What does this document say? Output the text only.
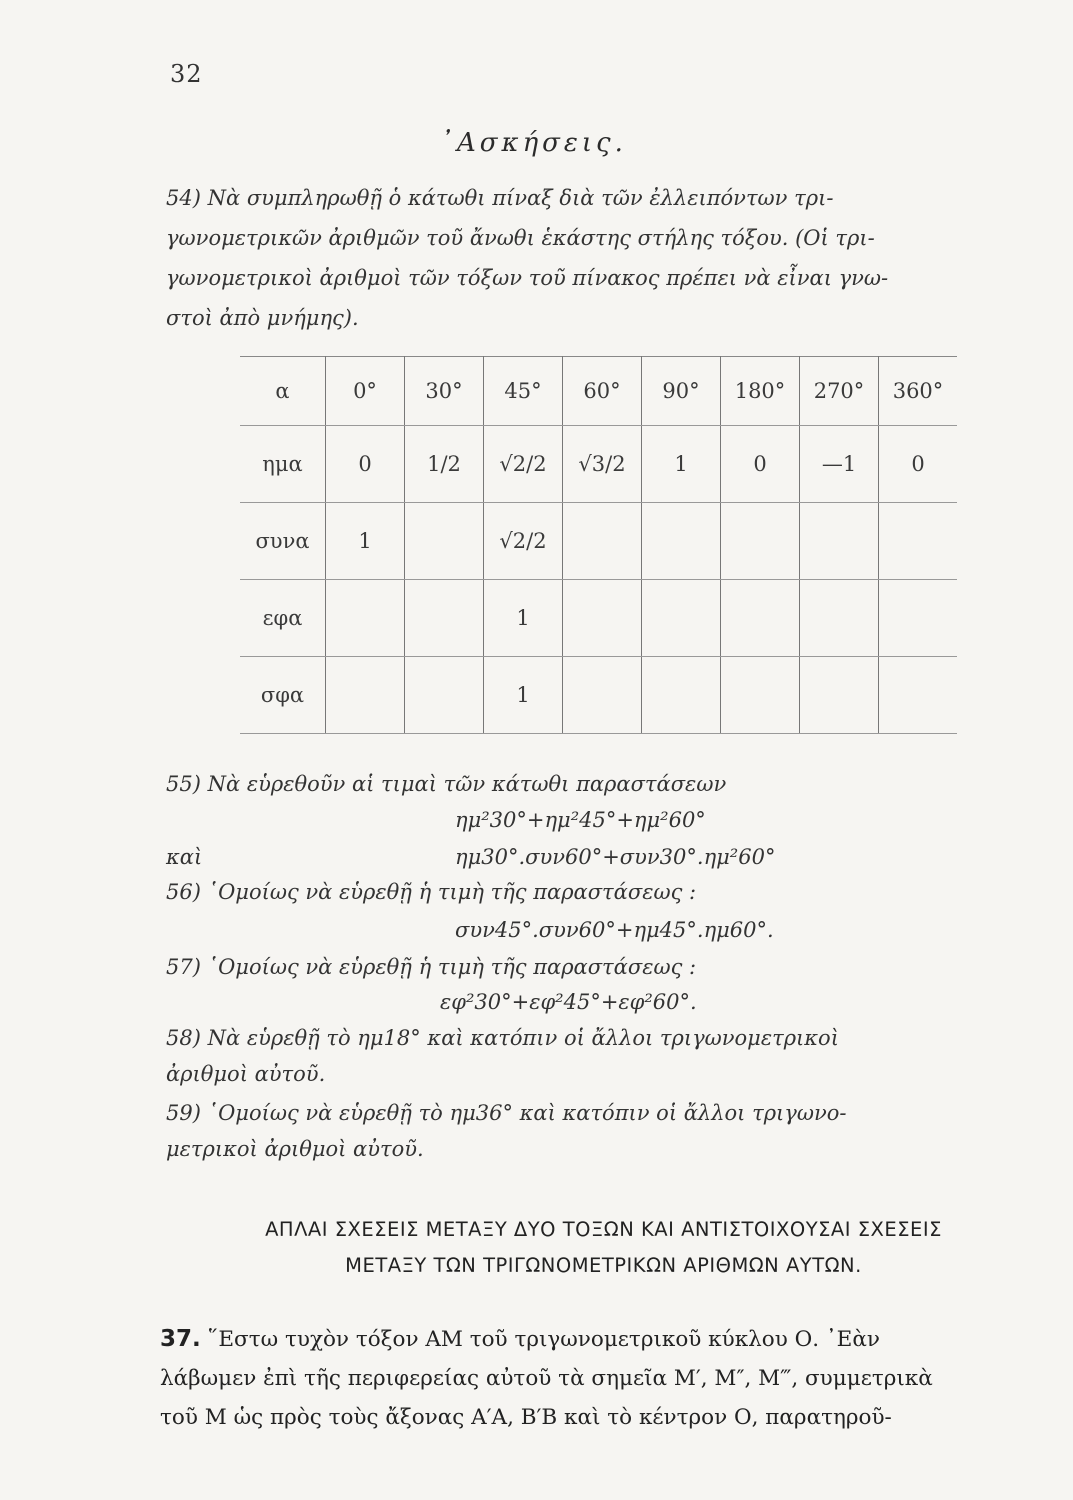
32
᾿Ασκήσεις.
54) Νὰ συμπληρωθῇ ὁ κάτωθι πίναξ διὰ τῶν ἐλλειπόντων τρι-
γωνομετρικῶν ἀριθμῶν τοῦ ἄνωθι ἑκάστης στήλης τόξου. (Οἱ τρι-
γωνομετρικοὶ ἀριθμοὶ τῶν τόξων τοῦ πίνακος πρέπει νὰ εἶναι γνω-
στοὶ ἀπὸ μνήμης).
α	0°	30°	45°	60°	90°	180°	270°	360°
ημα	0	1/2	√2/2	√3/2	1	0	—1	0
συνα	1		√2/2					
εφα			1					
σφα			1					
55) Νὰ εὑρεθοῦν αἱ τιμαὶ τῶν κάτωθι παραστάσεων
ημ²30°+ημ²45°+ημ²60°
καὶ	ημ30°.συν60°+συν30°.ημ²60°
56) ῾Ομοίως νὰ εὑρεθῇ ἡ τιμὴ τῆς παραστάσεως :
συν45°.συν60°+ημ45°.ημ60°.
57) ῾Ομοίως νὰ εὑρεθῇ ἡ τιμὴ τῆς παραστάσεως :
εφ²30°+εφ²45°+εφ²60°.
58) Νὰ εὑρεθῇ τὸ ημ18° καὶ κατόπιν οἱ ἄλλοι τριγωνομετρικοὶ
ἀριθμοὶ αὐτοῦ.
59) ῾Ομοίως νὰ εὑρεθῇ τὸ ημ36° καὶ κατόπιν οἱ ἄλλοι τριγωνο-
μετρικοὶ ἀριθμοὶ αὐτοῦ.
ΑΠΛΑΙ ΣΧΕΣΕΙΣ ΜΕΤΑΞΥ ΔΥΟ ΤΟΞΩΝ ΚΑΙ ΑΝΤΙΣΤΟΙΧΟΥΣΑΙ ΣΧΕΣΕΙΣ
ΜΕΤΑΞΥ ΤΩΝ ΤΡΙΓΩΝΟΜΕΤΡΙΚΩΝ ΑΡΙΘΜΩΝ ΑΥΤΩΝ.
37. ῞Εστω τυχὸν τόξον ΑΜ τοῦ τριγωνομετρικοῦ κύκλου Ο. ᾿Εὰν
λάβωμεν ἐπὶ τῆς περιφερείας αὐτοῦ τὰ σημεῖα Μ′, Μ″, Μ‴, συμμετρικὰ
τοῦ Μ ὡς πρὸς τοὺς ἄξονας Α′Α, Β′Β καὶ τὸ κέντρον Ο, παρατηροῦ-
